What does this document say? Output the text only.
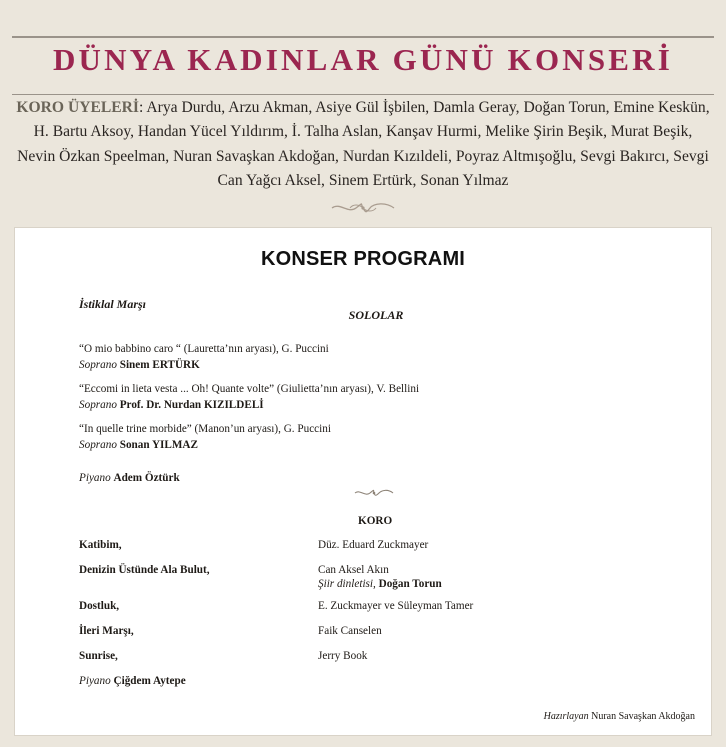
DÜNYA KADINLAR GÜNÜ KONSERİ
KORO ÜYELERİ: Arya Durdu, Arzu Akman, Asiye Gül İşbilen, Damla Geray, Doğan Torun, Emine Keskün, H. Bartu Aksoy, Handan Yücel Yıldırım, İ. Talha Aslan, Kanşav Hurmi, Melike Şirin Beşik, Murat Beşik, Nevin Özkan Speelman, Nuran Savaşkan Akdoğan, Nurdan Kızıldeli, Poyraz Altmışoğlu, Sevgi Bakırcı, Sevgi Can Yağcı Aksel, Sinem Ertürk, Sonan Yılmaz
KONSER PROGRAMI
İstiklal Marşı
SOLOLAR
“O mio babbino caro “ (Lauretta’nın aryası), G. Puccini
Soprano Sinem ERTÜRK
“Eccomi in lieta vesta ... Oh! Quante volte” (Giulietta’nın aryası), V. Bellini
Soprano Prof. Dr. Nurdan KIZILDELİ
“In quelle trine morbide” (Manon’un aryası), G. Puccini
Soprano Sonan YILMAZ
Piyano Adem Öztürk
KORO
Katibim,	Düz. Eduard Zuckmayer
Denizin Üstünde Ala Bulut,	Can Aksel Akın
Şiir dinletisi, Doğan Torun
Dostluk,	E. Zuckmayer ve Süleyman Tamer
İleri Marşı,	Faik Canselen
Sunrise,	Jerry Book
Piyano Çiğdem Aytepe
Hazırlayan Nuran Savaşkan Akdoğan
